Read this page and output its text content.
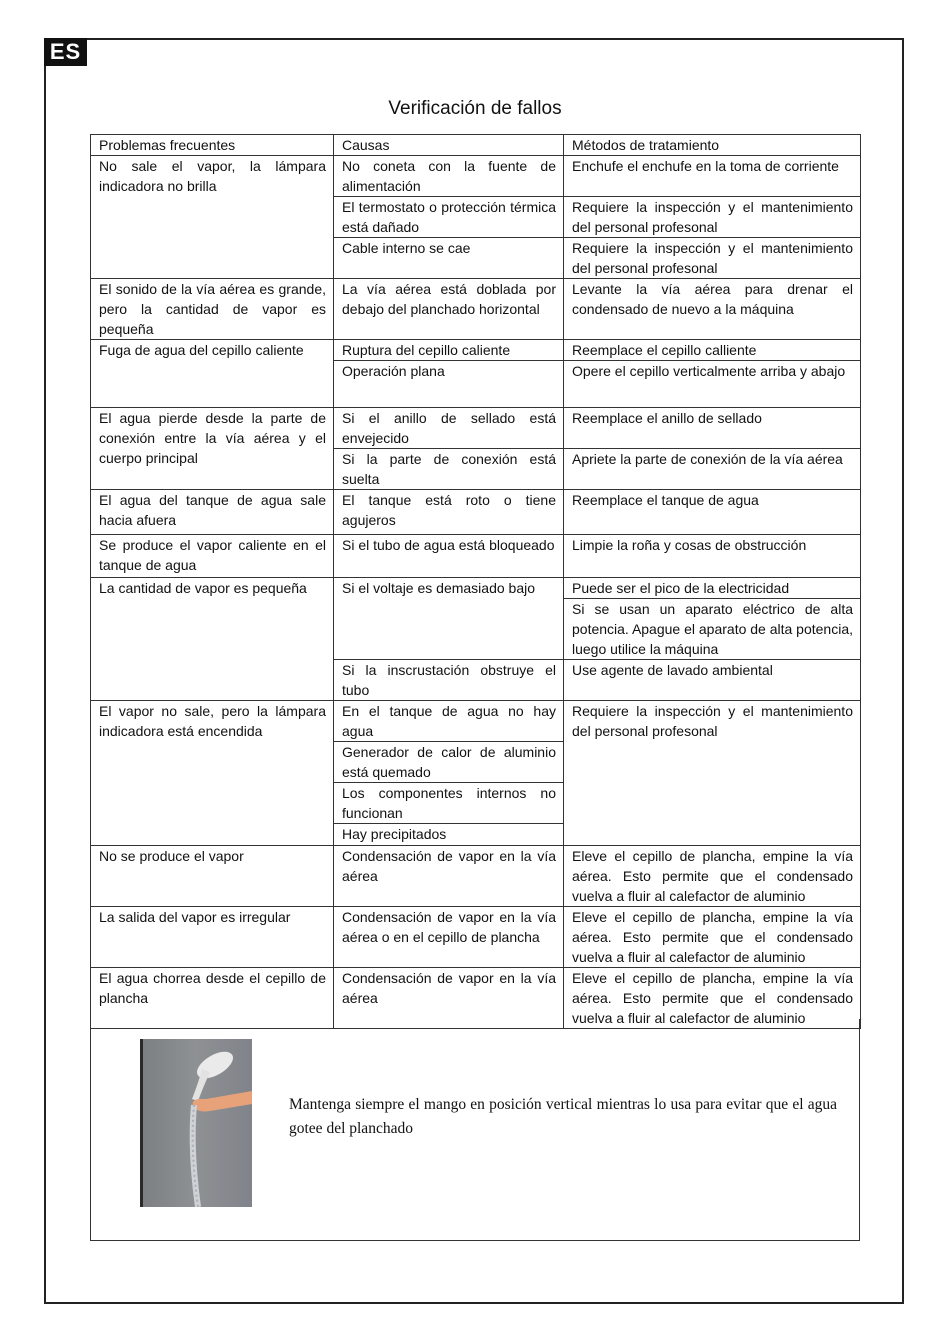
ES
Verificación de fallos
Problemas frecuentes	Causas	Métodos de tratamiento
No sale el vapor, la lámpara indicadora no brilla	No coneta con la fuente de alimentación	Enchufe el enchufe en la toma de corriente
	El termostato o protección térmica está dañado	Requiere la inspección y el mantenimiento del personal profesonal
	Cable interno se cae	Requiere la inspección y el mantenimiento del personal profesonal
El sonido de la vía aérea es grande, pero la cantidad de vapor es pequeña	La vía aérea está doblada por debajo del planchado horizontal	Levante la vía aérea para drenar el condensado de nuevo a la máquina
Fuga de agua del cepillo caliente	Ruptura del cepillo caliente	Reemplace el cepillo calliente
	Operación plana	Opere el cepillo verticalmente arriba y abajo
El agua pierde desde la parte de conexión entre la vía aérea y el cuerpo principal	Si el anillo de sellado está envejecido	Reemplace el anillo de sellado
	Si la parte de conexión está suelta	Apriete la parte de conexión de la vía aérea
El agua del tanque de agua sale hacia afuera	El tanque está roto o tiene agujeros	Reemplace el tanque de agua
Se produce el vapor caliente en el tanque de agua	Si el tubo de agua está bloqueado	Limpie la roña y cosas de obstrucción
La cantidad de vapor es pequeña	Si el voltaje es demasiado bajo	Puede ser el pico de la electricidad
		Si se usan un aparato eléctrico de alta potencia. Apague el aparato de alta potencia, luego utilice la máquina
	Si la inscrustación obstruye el tubo	Use agente de lavado ambiental
El vapor no sale, pero la lámpara indicadora está encendida	En el tanque de agua no hay agua	Requiere la inspección y el mantenimiento del personal profesonal
	Generador de calor de aluminio está quemado	
	Los componentes internos no funcionan	
	Hay precipitados	
No se produce el vapor	Condensación de vapor en la vía aérea	Eleve el cepillo de plancha, empine la vía aérea. Esto permite que el condensado vuelva a fluir al calefactor de aluminio
La salida del vapor es irregular	Condensación de vapor en la vía aérea o en el cepillo de plancha	Eleve el cepillo de plancha, empine la vía aérea. Esto permite que el condensado vuelva a fluir al calefactor de aluminio
El agua chorrea desde el cepillo de plancha	Condensación de vapor en la vía aérea	Eleve el cepillo de plancha, empine la vía aérea. Esto permite que el condensado vuelva a fluir al calefactor de aluminio
Mantenga siempre el mango en posición vertical mientras lo usa para evitar que el agua gotee del planchado
